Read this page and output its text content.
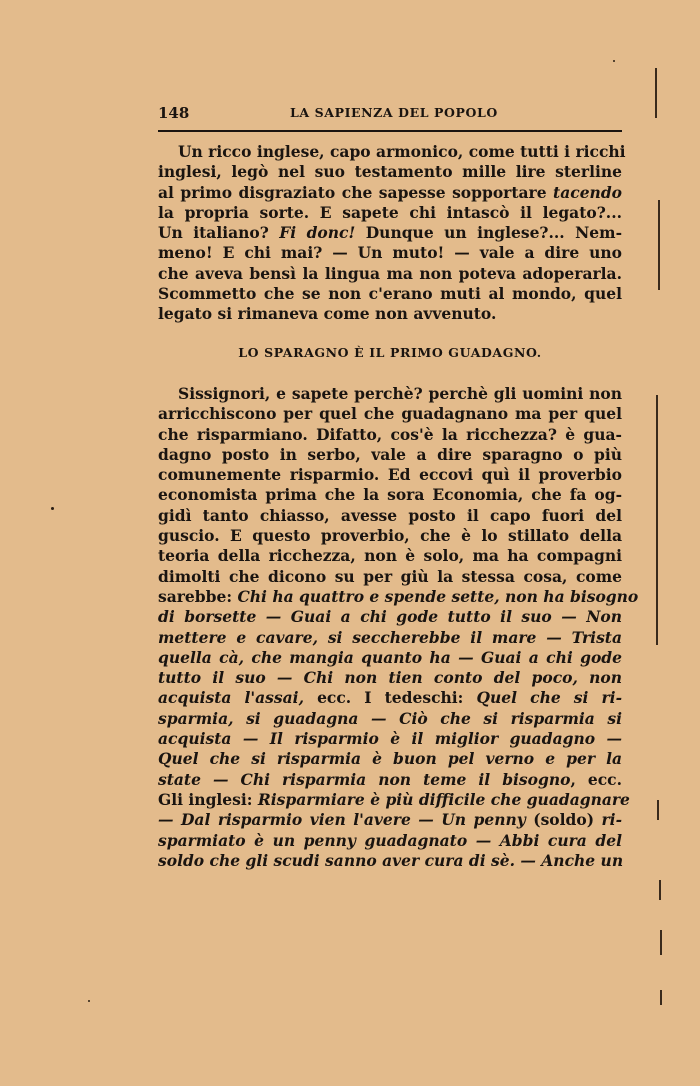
148	LA SAPIENZA DEL POPOLO
Un ricco inglese, capo armonico, come tutti i ricchi
inglesi, legò nel suo testamento mille lire sterline
al primo disgraziato che sapesse sopportare tacendo
la propria sorte. E sapete chi intascò il legato?...
Un italiano? Fi donc! Dunque un inglese?... Nem-
meno! E chi mai? — Un muto! — vale a dire uno
che aveva bensì la lingua ma non poteva adoperarla.
Scommetto che se non c'erano muti al mondo, quel
legato si rimaneva come non avvenuto.
LO SPARAGNO È IL PRIMO GUADAGNO.
Sissignori, e sapete perchè? perchè gli uomini non
arricchiscono per quel che guadagnano ma per quel
che risparmiano. Difatto, cos'è la ricchezza? è gua-
dagno posto in serbo, vale a dire sparagno o più
comunemente risparmio. Ed eccovi quì il proverbio
economista prima che la sora Economia, che fa og-
gidì tanto chiasso, avesse posto il capo fuori del
guscio. E questo proverbio, che è lo stillato della
teoria della ricchezza, non è solo, ma ha compagni
dimolti che dicono su per giù la stessa cosa, come
sarebbe: Chi ha quattro e spende sette, non ha bisogno
di borsette — Guai a chi gode tutto il suo — Non
mettere e cavare, si seccherebbe il mare — Trista
quella cà, che mangia quanto ha — Guai a chi gode
tutto il suo — Chi non tien conto del poco, non
acquista l'assai, ecc. I tedeschi: Quel che si ri-
sparmia, si guadagna — Ciò che si risparmia si
acquista — Il risparmio è il miglior guadagno —
Quel che si risparmia è buon pel verno e per la
state — Chi risparmia non teme il bisogno, ecc.
Gli inglesi: Risparmiare è più difficile che guadagnare
— Dal risparmio vien l'avere — Un penny (soldo) ri-
sparmiato è un penny guadagnato — Abbi cura del
soldo che gli scudi sanno aver cura di sè. — Anche un
